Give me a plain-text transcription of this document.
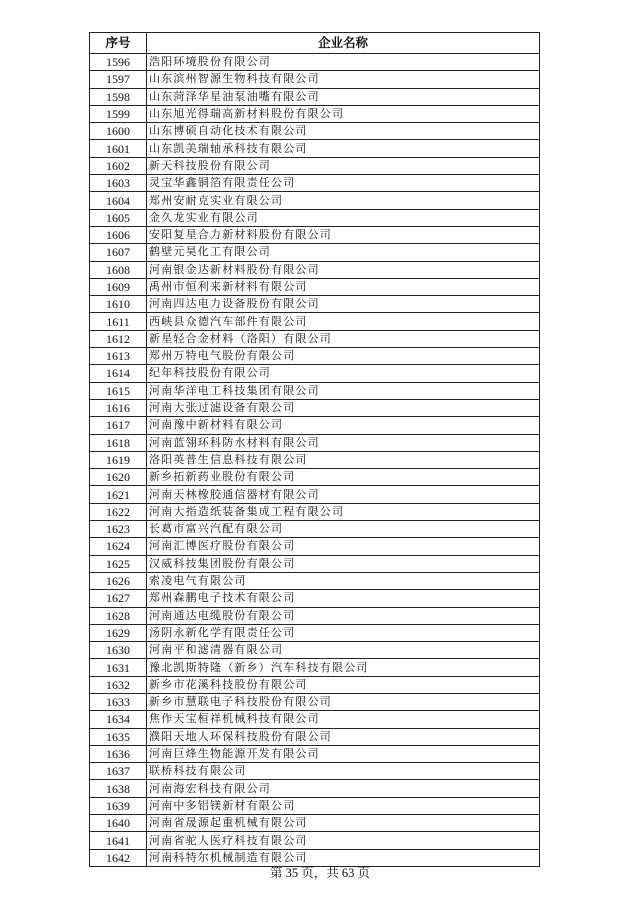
序号	企业名称
1596	浩阳环境股份有限公司
1597	山东滨州智源生物科技有限公司
1598	山东菏泽华星油泵油嘴有限公司
1599	山东旭光得瑞高新材料股份有限公司
1600	山东博硕自动化技术有限公司
1601	山东凯美瑞轴承科技有限公司
1602	新天科技股份有限公司
1603	灵宝华鑫铜箔有限责任公司
1604	郑州安耐克实业有限公司
1605	金久龙实业有限公司
1606	安阳复星合力新材料股份有限公司
1607	鹤壁元昊化工有限公司
1608	河南银金达新材料股份有限公司
1609	禹州市恒利来新材料有限公司
1610	河南四达电力设备股份有限公司
1611	西峡县众德汽车部件有限公司
1612	新星轻合金材料（洛阳）有限公司
1613	郑州万特电气股份有限公司
1614	纪年科技股份有限公司
1615	河南华洋电工科技集团有限公司
1616	河南大张过滤设备有限公司
1617	河南豫中新材料有限公司
1618	河南蓝翎环科防水材料有限公司
1619	洛阳英普生信息科技有限公司
1620	新乡拓新药业股份有限公司
1621	河南天林橡胶通信器材有限公司
1622	河南大指造纸装备集成工程有限公司
1623	长葛市富兴汽配有限公司
1624	河南汇博医疗股份有限公司
1625	汉威科技集团股份有限公司
1626	索凌电气有限公司
1627	郑州森鹏电子技术有限公司
1628	河南通达电缆股份有限公司
1629	汤阴永新化学有限责任公司
1630	河南平和滤清器有限公司
1631	豫北凯斯特隆（新乡）汽车科技有限公司
1632	新乡市花溪科技股份有限公司
1633	新乡市慧联电子科技股份有限公司
1634	焦作天宝桓祥机械科技有限公司
1635	濮阳天地人环保科技股份有限公司
1636	河南巨烽生物能源开发有限公司
1637	联桥科技有限公司
1638	河南海宏科技有限公司
1639	河南中多铝镁新材有限公司
1640	河南省晟源起重机械有限公司
1641	河南省驼人医疗科技有限公司
1642	河南科特尔机械制造有限公司
第 35 页，共 63 页
